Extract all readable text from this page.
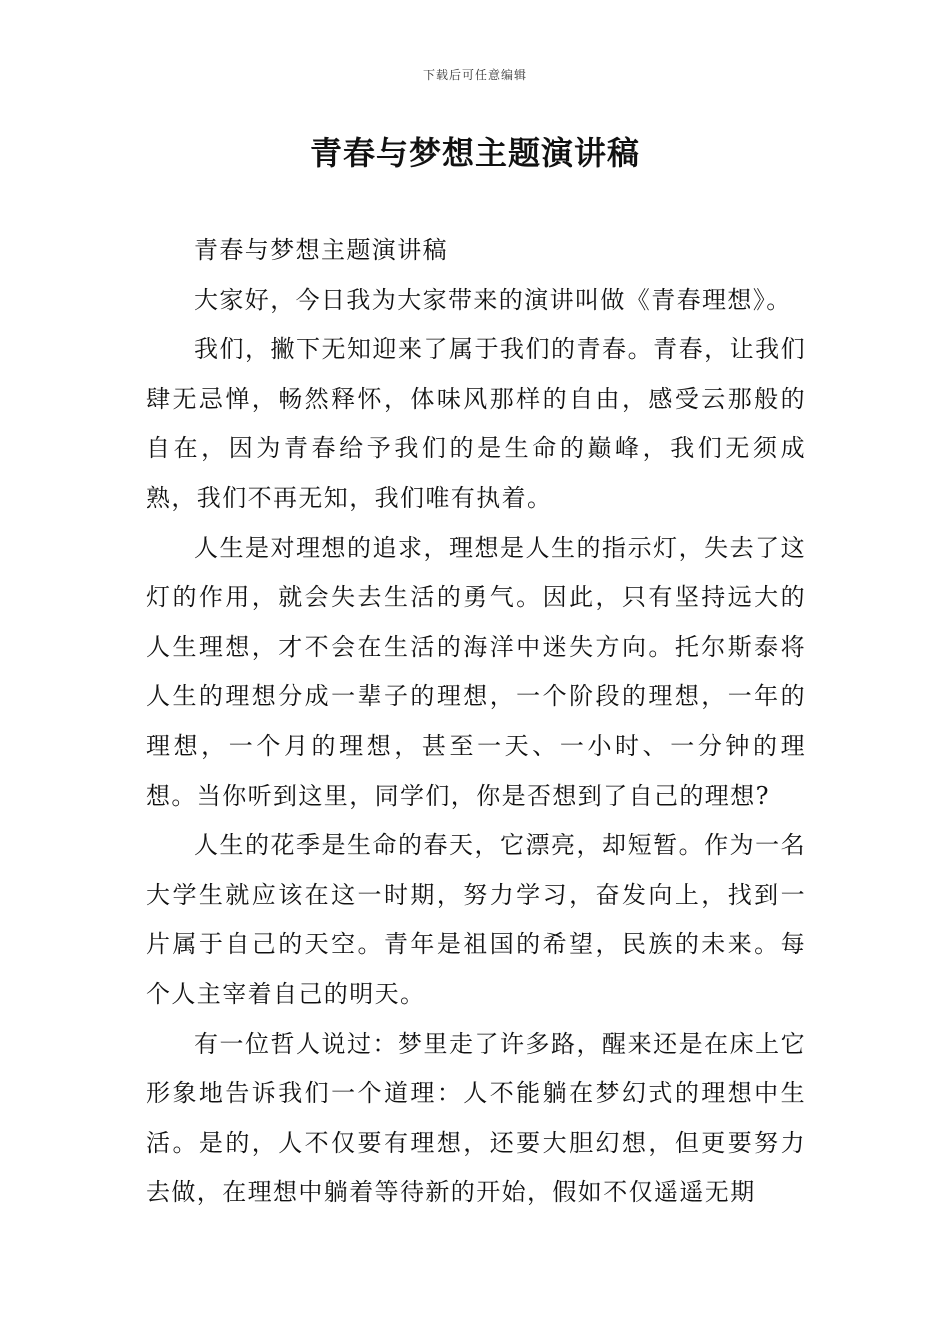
下载后可任意编辑
青春与梦想主题演讲稿

青春与梦想主题演讲稿

大家好，今日我为大家带来的演讲叫做《青春理想》。

我们，撇下无知迎来了属于我们的青春。青春，让我们肆无忌惮，畅然释怀，体味风那样的自由，感受云那般的自在，因为青春给予我们的是生命的巅峰，我们无须成熟，我们不再无知，我们唯有执着。

人生是对理想的追求，理想是人生的指示灯，失去了这灯的作用，就会失去生活的勇气。因此，只有坚持远大的人生理想，才不会在生活的海洋中迷失方向。托尔斯泰将人生的理想分成一辈子的理想，一个阶段的理想，一年的理想，一个月的理想，甚至一天、一小时、一分钟的理想。当你听到这里，同学们，你是否想到了自己的理想?

人生的花季是生命的春天，它漂亮，却短暂。作为一名大学生就应该在这一时期，努力学习，奋发向上，找到一片属于自己的天空。青年是祖国的希望，民族的未来。每个人主宰着自己的明天。

有一位哲人说过：梦里走了许多路，醒来还是在床上它形象地告诉我们一个道理：人不能躺在梦幻式的理想中生活。是的，人不仅要有理想，还要大胆幻想，但更要努力去做，在理想中躺着等待新的开始，假如不仅遥遥无期
